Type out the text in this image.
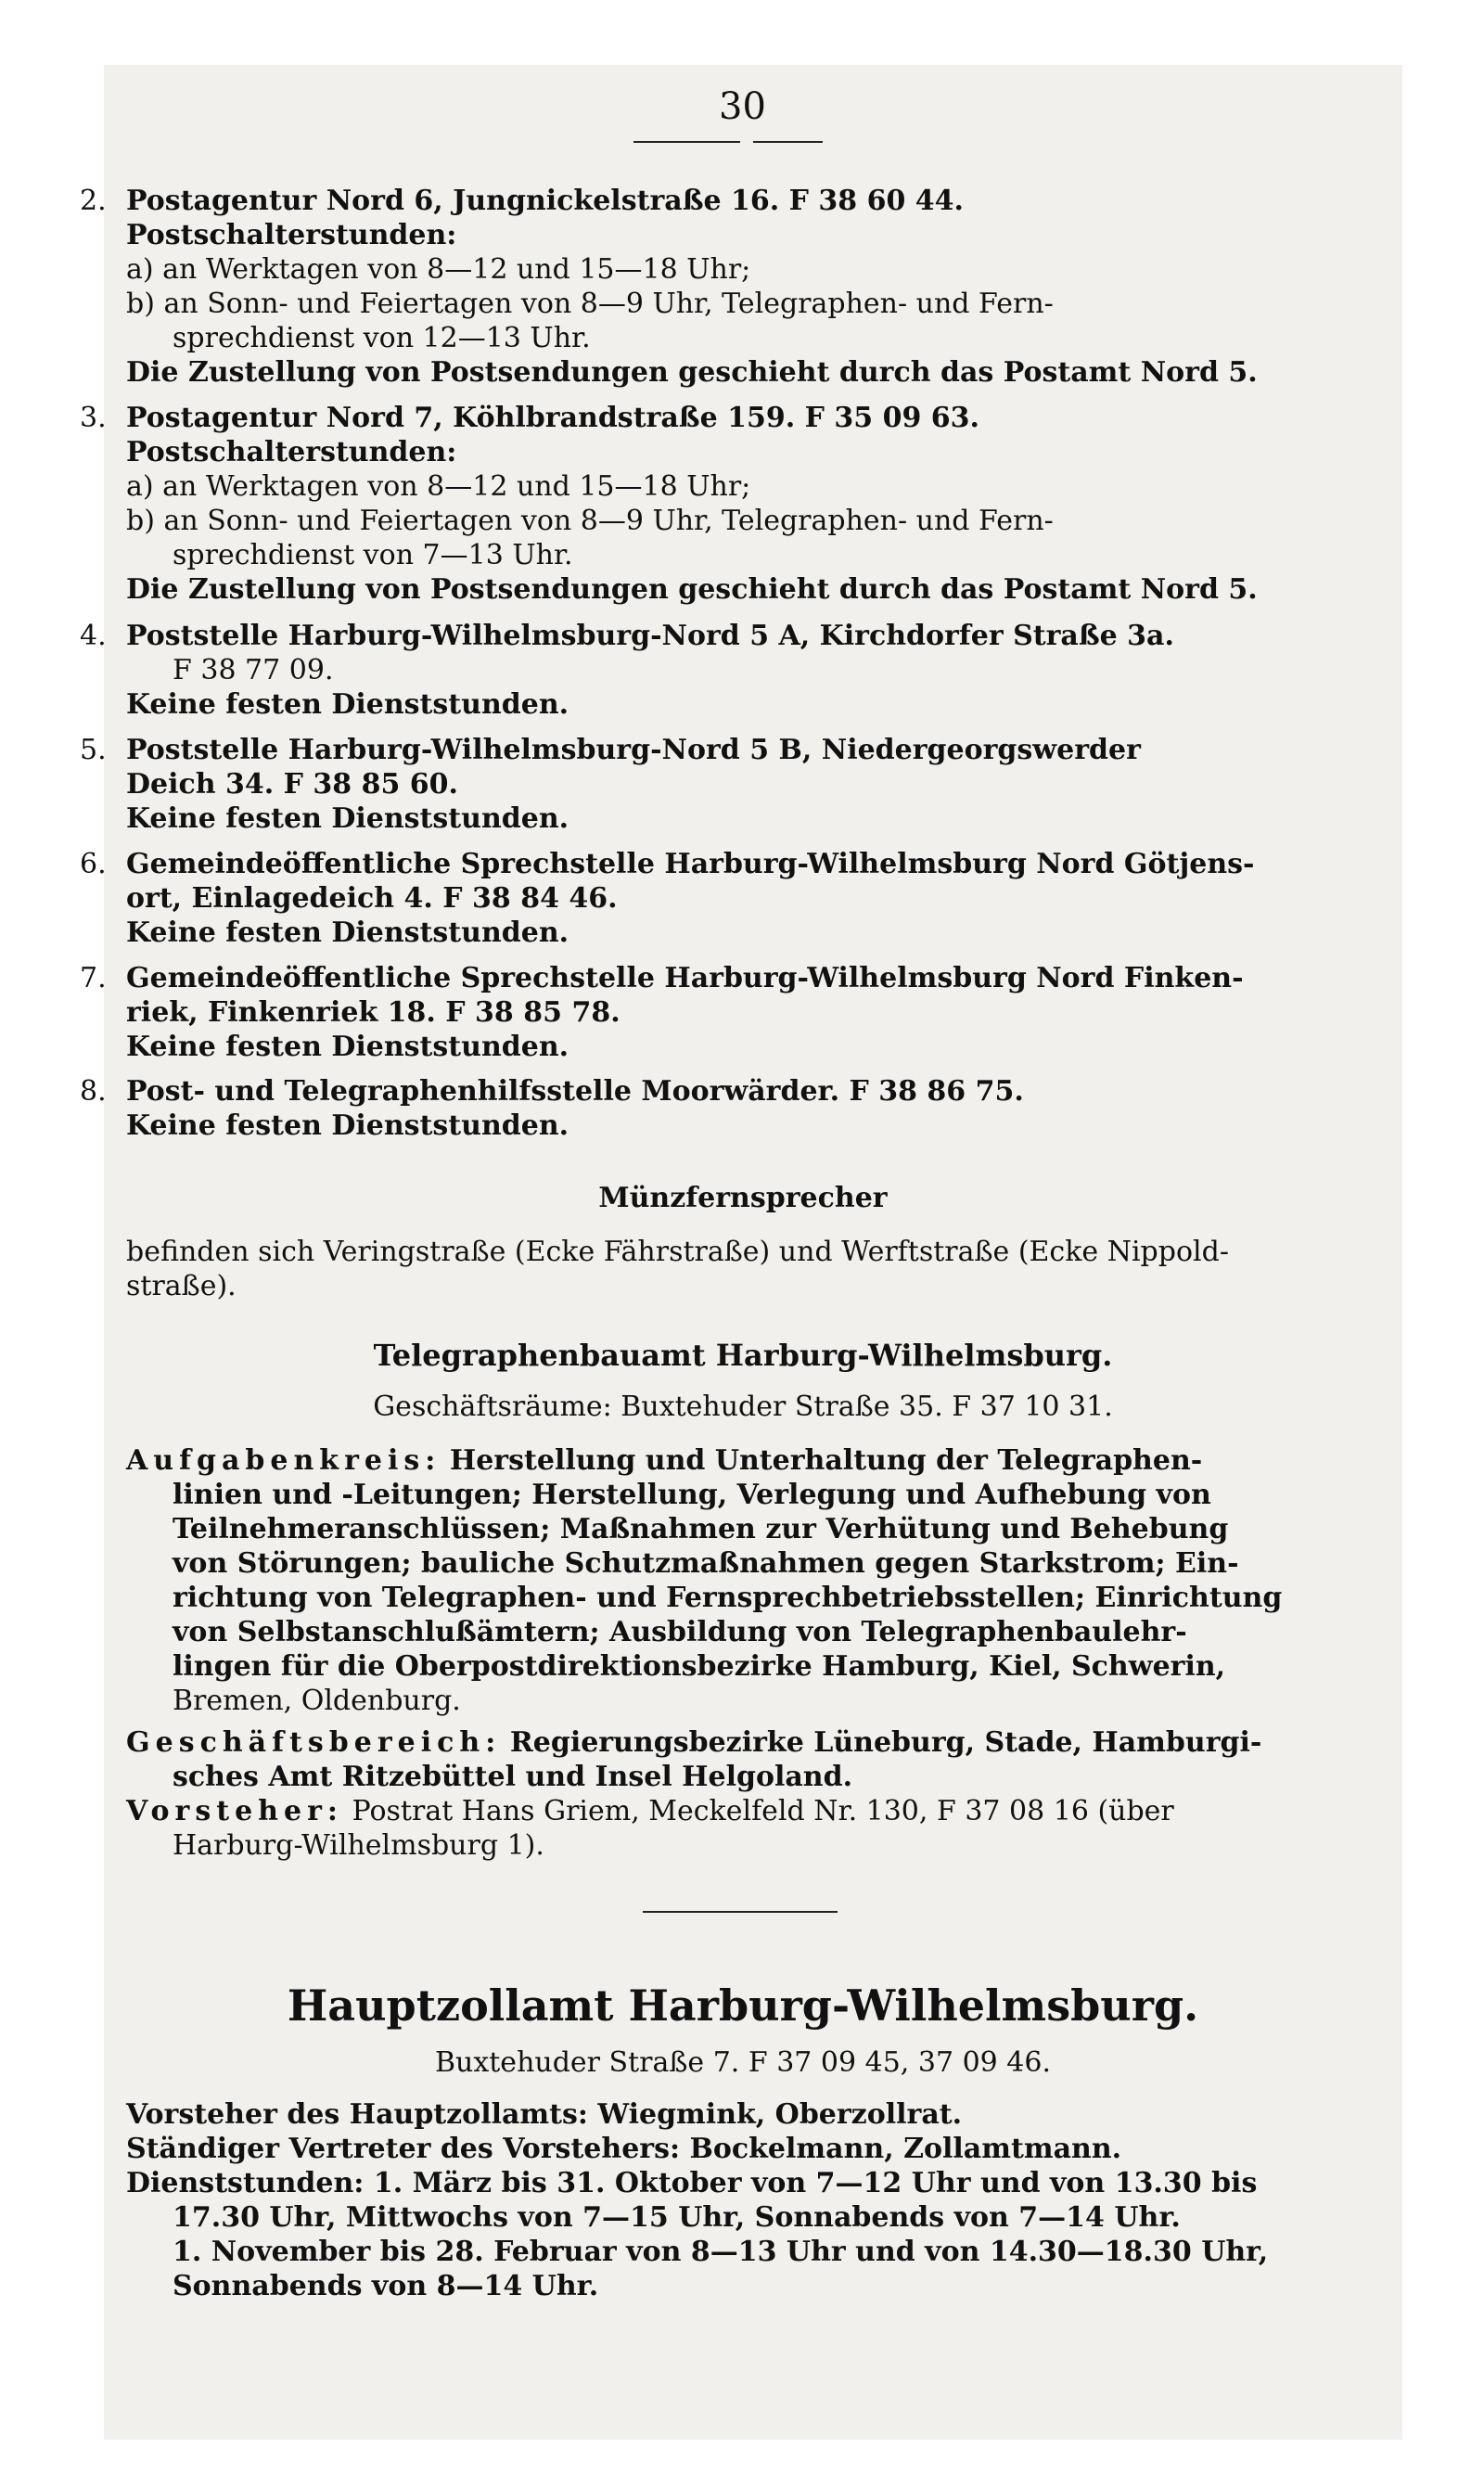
30
2. Postagentur Nord 6, Jungnickelstraße 16. F 38 60 44.
Postschalterstunden:
a) an Werktagen von 8—12 und 15—18 Uhr;
b) an Sonn- und Feiertagen von 8—9 Uhr, Telegraphen- und Fern-
sprechdienst von 12—13 Uhr.
Die Zustellung von Postsendungen geschieht durch das Postamt Nord 5.
3. Postagentur Nord 7, Köhlbrandstraße 159. F 35 09 63.
Postschalterstunden:
a) an Werktagen von 8—12 und 15—18 Uhr;
b) an Sonn- und Feiertagen von 8—9 Uhr, Telegraphen- und Fern-
sprechdienst von 7—13 Uhr.
Die Zustellung von Postsendungen geschieht durch das Postamt Nord 5.
4. Poststelle Harburg-Wilhelmsburg-Nord 5 A, Kirchdorfer Straße 3a.
F 38 77 09.
Keine festen Dienststunden.
5. Poststelle Harburg-Wilhelmsburg-Nord 5 B, Niedergeorgswerder
Deich 34. F 38 85 60.
Keine festen Dienststunden.
6. Gemeindeöffentliche Sprechstelle Harburg-Wilhelmsburg Nord Götjens-
ort, Einlagedeich 4. F 38 84 46.
Keine festen Dienststunden.
7. Gemeindeöffentliche Sprechstelle Harburg-Wilhelmsburg Nord Finken-
riek, Finkenriek 18. F 38 85 78.
Keine festen Dienststunden.
8. Post- und Telegraphenhilfsstelle Moorwärder. F 38 86 75.
Keine festen Dienststunden.
Münzfernsprecher
befinden sich Veringstraße (Ecke Fährstraße) und Werftstraße (Ecke Nippold-
straße).
Telegraphenbauamt Harburg-Wilhelmsburg.
Geschäftsräume: Buxtehuder Straße 35. F 37 10 31.
Aufgabenkreis: Herstellung und Unterhaltung der Telegraphen-
linien und -Leitungen; Herstellung, Verlegung und Aufhebung von
Teilnehmeranschlüssen; Maßnahmen zur Verhütung und Behebung
von Störungen; bauliche Schutzmaßnahmen gegen Starkstrom; Ein-
richtung von Telegraphen- und Fernsprechbetriebsstellen; Einrichtung
von Selbstanschlußämtern; Ausbildung von Telegraphenbaulehr-
lingen für die Oberpostdirektionsbezirke Hamburg, Kiel, Schwerin,
Bremen, Oldenburg.
Geschäftsbereich: Regierungsbezirke Lüneburg, Stade, Hamburgi-
sches Amt Ritzebüttel und Insel Helgoland.
Vorsteher: Postrat Hans Griem, Meckelfeld Nr. 130, F 37 08 16 (über
Harburg-Wilhelmsburg 1).
Hauptzollamt Harburg-Wilhelmsburg.
Buxtehuder Straße 7. F 37 09 45, 37 09 46.
Vorsteher des Hauptzollamts: Wiegmink, Oberzollrat.
Ständiger Vertreter des Vorstehers: Bockelmann, Zollamtmann.
Dienststunden: 1. März bis 31. Oktober von 7—12 Uhr und von 13.30 bis
17.30 Uhr, Mittwochs von 7—15 Uhr, Sonnabends von 7—14 Uhr.
1. November bis 28. Februar von 8—13 Uhr und von 14.30—18.30 Uhr,
Sonnabends von 8—14 Uhr.
